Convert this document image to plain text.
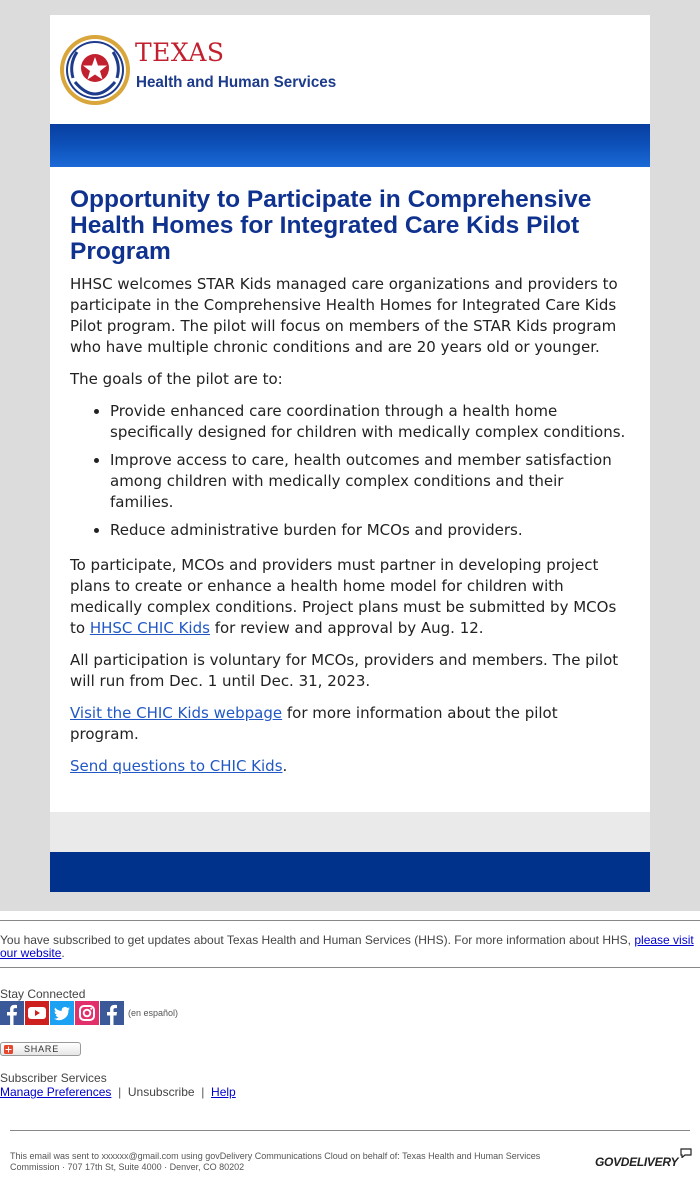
TEXAS
Health and Human Services
Opportunity to Participate in Comprehensive Health Homes for Integrated Care Kids Pilot Program

HHSC welcomes STAR Kids managed care organizations and providers to participate in the Comprehensive Health Homes for Integrated Care Kids Pilot program. The pilot will focus on members of the STAR Kids program who have multiple chronic conditions and are 20 years old or younger.

The goals of the pilot are to:

• Provide enhanced care coordination through a health home specifically designed for children with medically complex conditions.
• Improve access to care, health outcomes and member satisfaction among children with medically complex conditions and their families.
• Reduce administrative burden for MCOs and providers.

To participate, MCOs and providers must partner in developing project plans to create or enhance a health home model for children with medically complex conditions. Project plans must be submitted by MCOs to HHSC CHIC Kids for review and approval by Aug. 12.

All participation is voluntary for MCOs, providers and members. The pilot will run from Dec. 1 until Dec. 31, 2023.

Visit the CHIC Kids webpage for more information about the pilot program.

Send questions to CHIC Kids.

You have subscribed to get updates about Texas Health and Human Services (HHS). For more information about HHS, please visit our website.
Stay Connected
(en español)
SHARE
Subscriber Services
Manage Preferences | Unsubscribe | Help
This email was sent to xxxxxx@gmail.com using govDelivery Communications Cloud on behalf of: Texas Health and Human Services Commission · 707 17th St, Suite 4000 · Denver, CO 80202	GOVDELIVERY
